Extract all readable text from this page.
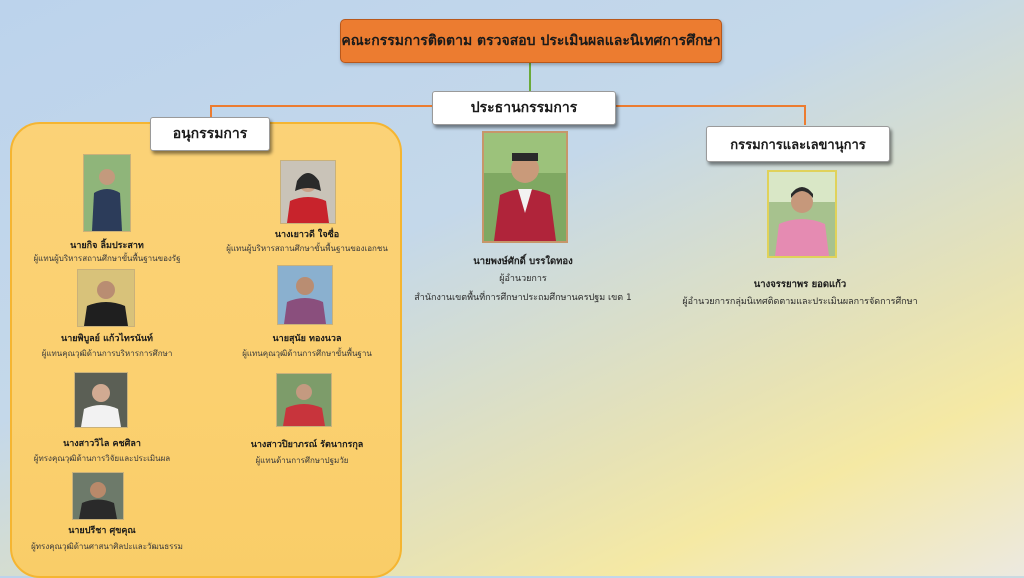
คณะกรรมการติดตาม ตรวจสอบ ประเมินผลและนิเทศการศึกษา
ประธานกรรมการ
อนุกรรมการ
กรรมการและเลขานุการ
นายพงษ์ศักดิ์ บรรใดทอง
ผู้อำนวยการ
สำนักงานเขตพื้นที่การศึกษาประถมศึกษานครปฐม เขต 1
นางจรรยาพร ยอดแก้ว
ผู้อำนวยการกลุ่มนิเทศติดตามและประเมินผลการจัดการศึกษา
นายกิจ ลิ้มประสาท
ผู้แทนผู้บริหารสถานศึกษาขั้นพื้นฐานของรัฐ
นางเยาวดี ใจซื่อ
ผู้แทนผู้บริหารสถานศึกษาขั้นพื้นฐานของเอกชน
นายพิบูลย์ แก้วไทรนันท์
ผู้แทนคุณวุฒิด้านการบริหารการศึกษา
นายสุนัย ทองนวล
ผู้แทนคุณวุฒิด้านการศึกษาขั้นพื้นฐาน
นางสาววิไล คชศิลา
ผู้ทรงคุณวุฒิด้านการวิจัยและประเมินผล
นางสาวปิยาภรณ์ รัตนากรกุล
ผู้แทนด้านการศึกษาปฐมวัย
นายปรีชา ศุขคุณ
ผู้ทรงคุณวุฒิด้านศาสนาศิลปะและวัฒนธรรม
